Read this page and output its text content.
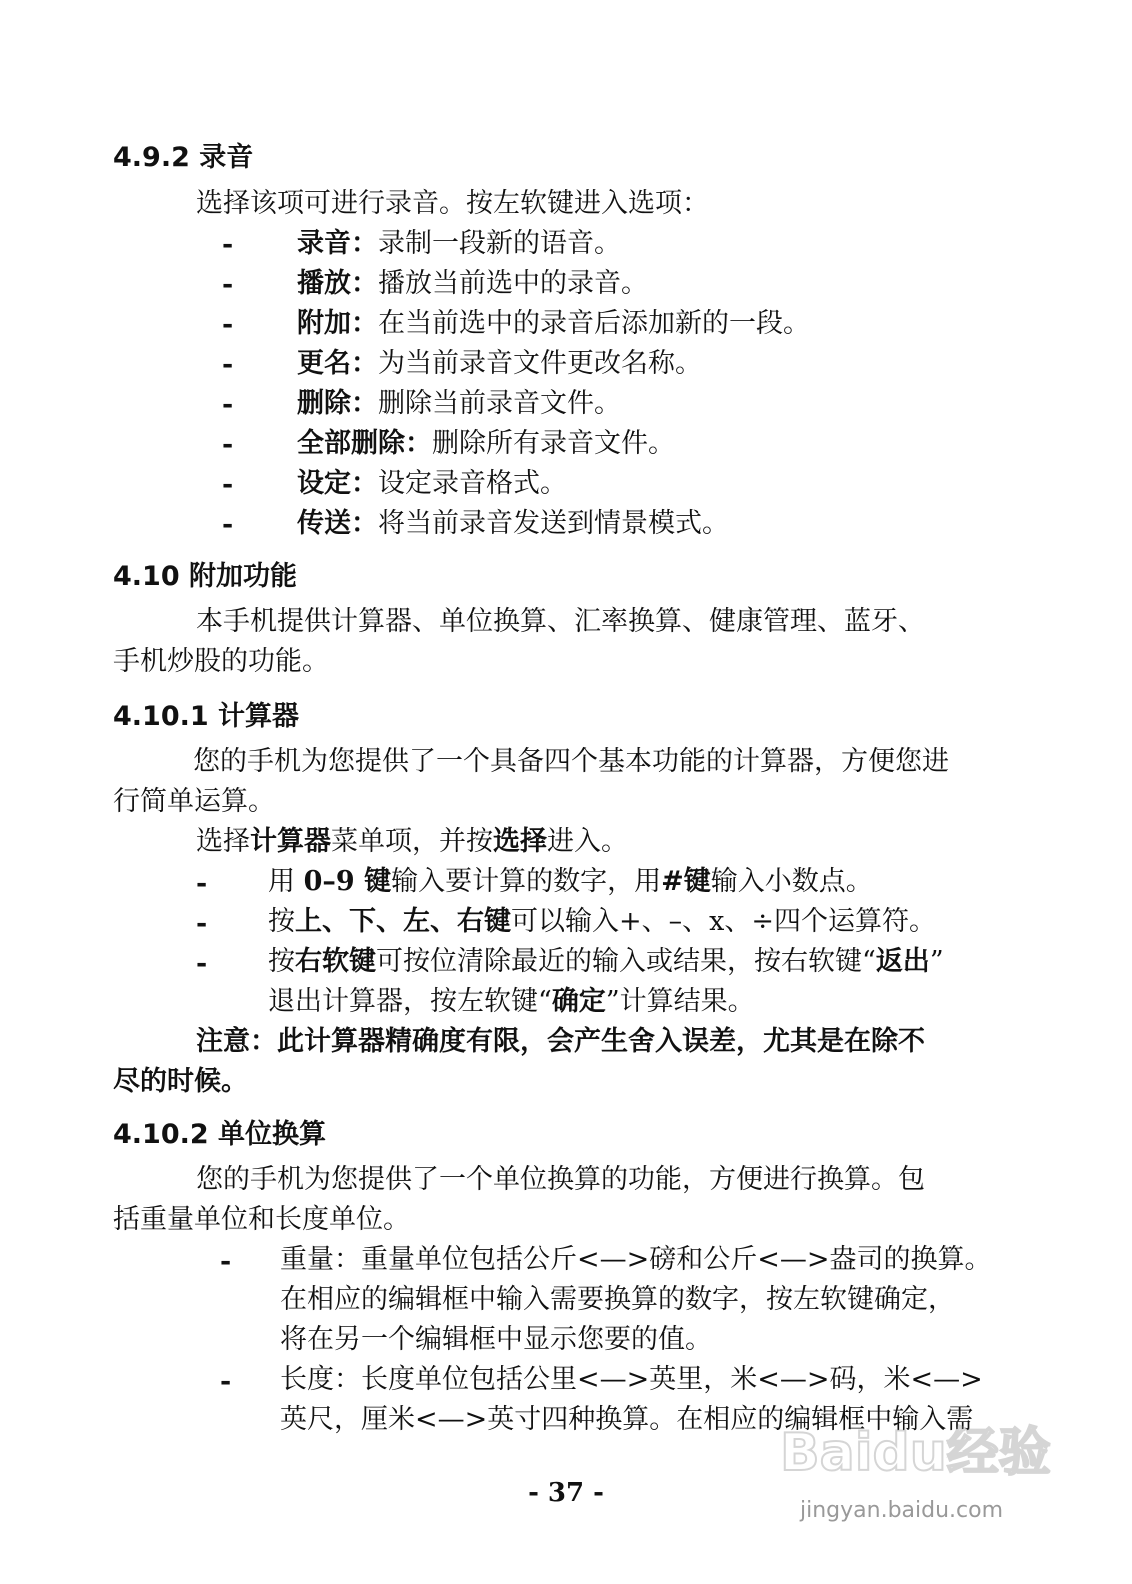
4.9.2 录音
选择该项可进行录音。按左软键进入选项：
- 录音：录制一段新的语音。
- 播放：播放当前选中的录音。
- 附加：在当前选中的录音后添加新的一段。
- 更名：为当前录音文件更改名称。
- 删除：删除当前录音文件。
- 全部删除：删除所有录音文件。
- 设定：设定录音格式。
- 传送：将当前录音发送到情景模式。
4.10 附加功能
本手机提供计算器、单位换算、汇率换算、健康管理、蓝牙、
手机炒股的功能。
4.10.1 计算器
您的手机为您提供了一个具备四个基本功能的计算器，方便您进
行简单运算。
选择计算器菜单项，并按选择进入。
- 用 0–9 键输入要计算的数字，用#键输入小数点。
- 按上、下、左、右键可以输入+、–、x、÷四个运算符。
- 按右软键可按位清除最近的输入或结果，按右软键“返出”
退出计算器，按左软键“确定”计算结果。
注意：此计算器精确度有限，会产生舍入误差，尤其是在除不
尽的时候。
4.10.2 单位换算
您的手机为您提供了一个单位换算的功能，方便进行换算。包
括重量单位和长度单位。
- 重量：重量单位包括公斤<—>磅和公斤<—>盎司的换算。
在相应的编辑框中输入需要换算的数字，按左软键确定，
将在另一个编辑框中显示您要的值。
- 长度：长度单位包括公里<—>英里，米<—>码，米<—>
英尺，厘米<—>英寸四种换算。在相应的编辑框中输入需
Baidu经验
jingyan.baidu.com
- 37 -
